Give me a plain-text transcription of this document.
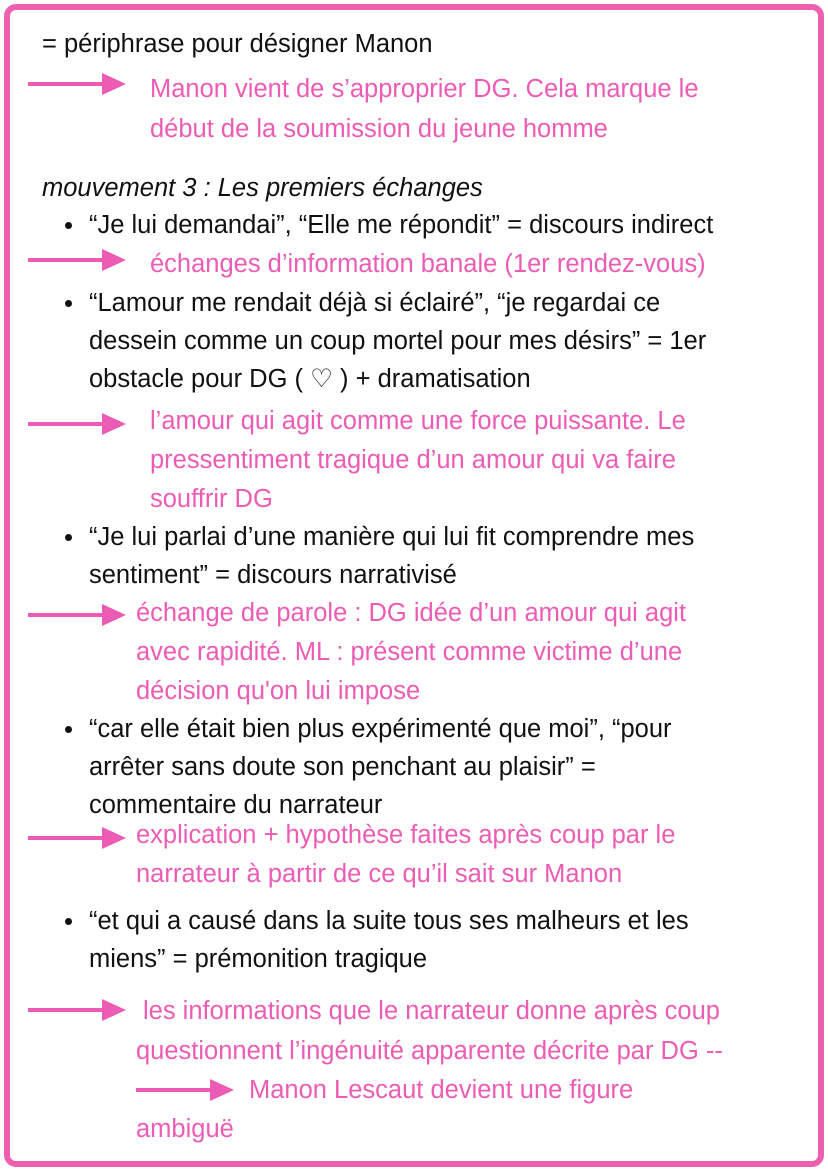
= périphrase pour désigner Manon
Manon vient de s’approprier DG. Cela marque le
début de la soumission du jeune homme
mouvement 3 : Les premiers échanges
“Je lui demandai”, “Elle me répondit” = discours indirect
échanges d’information banale (1er rendez-vous)
“Lamour me rendait déjà si éclairé”, “je regardai ce
dessein comme un coup mortel pour mes désirs” = 1er
obstacle pour DG ( ♡ ) + dramatisation
l’amour qui agit comme une force puissante. Le
pressentiment tragique d’un amour qui va faire
souffrir DG
“Je lui parlai d’une manière qui lui fit comprendre mes
sentiment” = discours narrativisé
échange de parole : DG idée d’un amour qui agit
avec rapidité. ML : présent comme victime d’une
décision qu'on lui impose
“car elle était bien plus expérimenté que moi”, “pour
arrêter sans doute son penchant au plaisir” =
commentaire du narrateur
explication + hypothèse faites après coup par le
narrateur à partir de ce qu’il sait sur Manon
“et qui a causé dans la suite tous ses malheurs et les
miens” = prémonition tragique
les informations que le narrateur donne après coup
questionnent l’ingénuité apparente décrite par DG --
------	Manon Lescaut devient une figure
ambiguë
